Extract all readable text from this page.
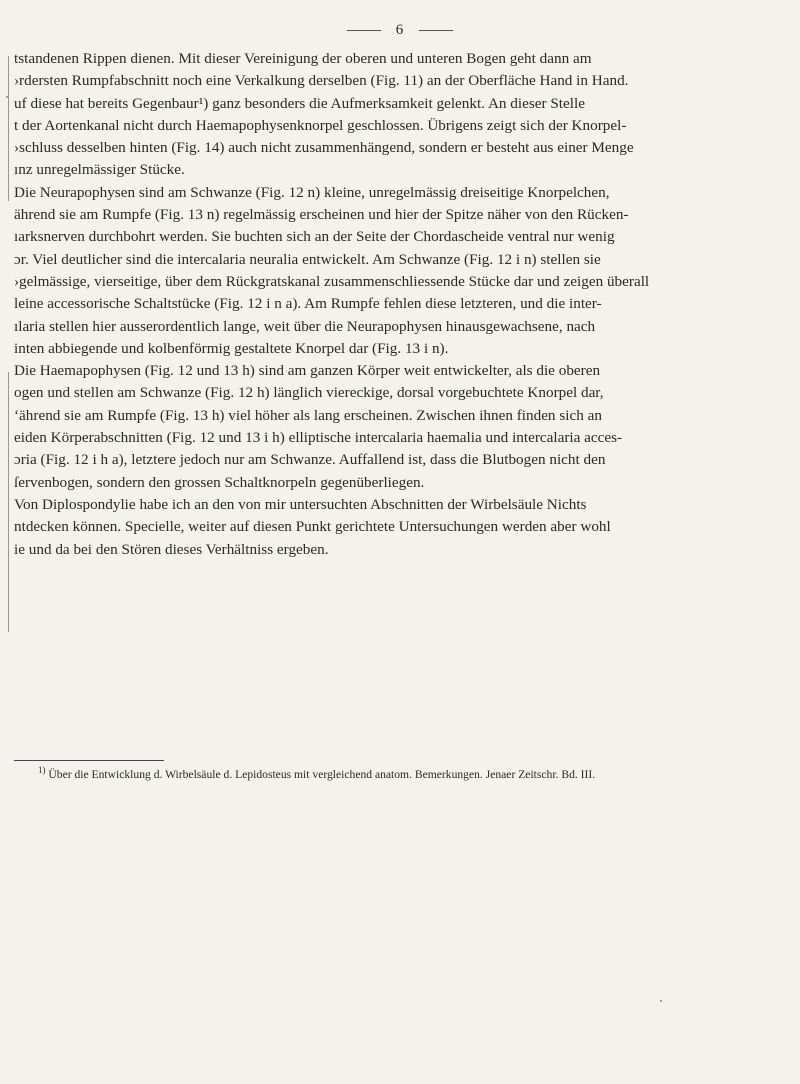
6
tstandenen Rippen dienen. Mit dieser Vereinigung der oberen und unteren Bogen geht dann am
›rdersten Rumpfabschnitt noch eine Verkalkung derselben (Fig. 11) an der Oberfläche Hand in Hand.
uf diese hat bereits Gegenbaur¹) ganz besonders die Aufmerksamkeit gelenkt. An dieser Stelle
t der Aortenkanal nicht durch Haemapophysenknorpel geschlossen. Übrigens zeigt sich der Knorpel-
›schluss desselben hinten (Fig. 14) auch nicht zusammenhängend, sondern er besteht aus einer Menge
ınz unregelmässiger Stücke.
Die Neurapophysen sind am Schwanze (Fig. 12 n) kleine, unregelmässig dreiseitige Knorpelchen,
ährend sie am Rumpfe (Fig. 13 n) regelmässig erscheinen und hier der Spitze näher von den Rücken-
ıarksnerven durchbohrt werden. Sie buchten sich an der Seite der Chordascheide ventral nur wenig
ɔr. Viel deutlicher sind die intercalaria neuralia entwickelt. Am Schwanze (Fig. 12 i n) stellen sie
›gelmässige, vierseitige, über dem Rückgratskanal zusammenschliessende Stücke dar und zeigen überall
leine accessorische Schaltstücke (Fig. 12 i n a). Am Rumpfe fehlen diese letzteren, und die inter-
ılaria stellen hier ausserordentlich lange, weit über die Neurapophysen hinausgewachsene, nach
inten abbiegende und kolbenförmig gestaltete Knorpel dar (Fig. 13 i n).
Die Haemapophysen (Fig. 12 und 13 h) sind am ganzen Körper weit entwickelter, als die oberen
ogen und stellen am Schwanze (Fig. 12 h) länglich viereckige, dorsal vorgebuchtete Knorpel dar,
‘ährend sie am Rumpfe (Fig. 13 h) viel höher als lang erscheinen. Zwischen ihnen finden sich an
eiden Körperabschnitten (Fig. 12 und 13 i h) elliptische intercalaria haemalia und intercalaria acces-
ɔria (Fig. 12 i h a), letztere jedoch nur am Schwanze. Auffallend ist, dass die Blutbogen nicht den
ſervenbogen, sondern den grossen Schaltknorpeln gegenüberliegen.
Von Diplospondylie habe ich an den von mir untersuchten Abschnitten der Wirbelsäule Nichts
ntdecken können. Specielle, weiter auf diesen Punkt gerichtete Untersuchungen werden aber wohl
ie und da bei den Stören dieses Verhältniss ergeben.
$^{1)}$ Über die Entwicklung d. Wirbelsäule d. Lepidosteus mit vergleichend anatom. Bemerkungen. Jenaer Zeitschr. Bd. III.
